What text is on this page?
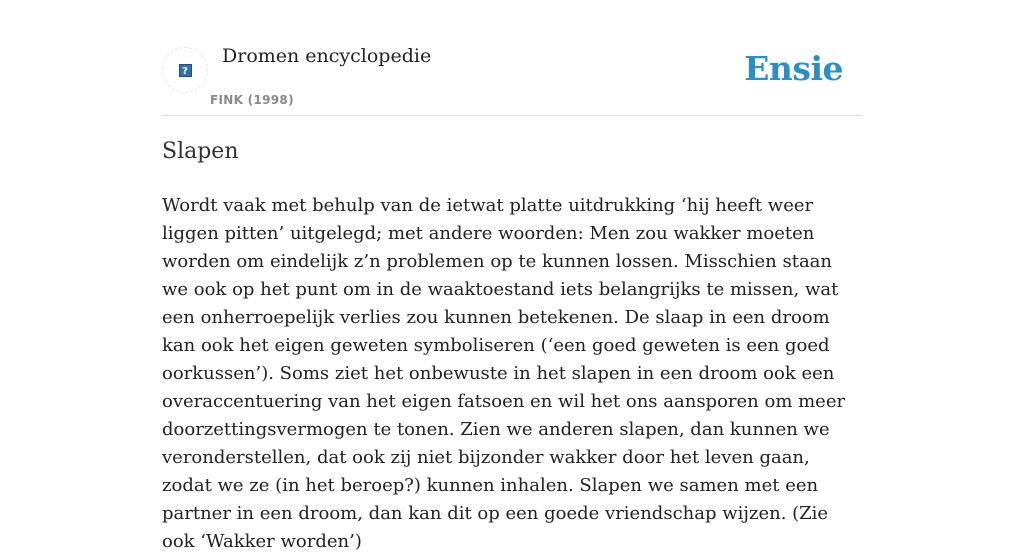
?
Dromen encyclopedie
FINK (1998)
Ensie
Slapen

Wordt vaak met behulp van de ietwat platte uitdrukking ‘hij heeft weer liggen pitten’ uitgelegd; met andere woorden: Men zou wakker moeten worden om eindelijk z’n problemen op te kunnen lossen. Misschien staan we ook op het punt om in de waaktoestand iets belangrijks te missen, wat een onherroepelijk verlies zou kunnen betekenen. De slaap in een droom kan ook het eigen geweten symboliseren (‘een goed geweten is een goed oorkussen’). Soms ziet het onbewuste in het slapen in een droom ook een overaccentuering van het eigen fatsoen en wil het ons aansporen om meer doorzettingsvermogen te tonen. Zien we anderen slapen, dan kunnen we veronderstellen, dat ook zij niet bijzonder wakker door het leven gaan, zodat we ze (in het beroep?) kunnen inhalen. Slapen we samen met een partner in een droom, dan kan dit op een goede vriendschap wijzen. (Zie ook ‘Wakker worden’)
